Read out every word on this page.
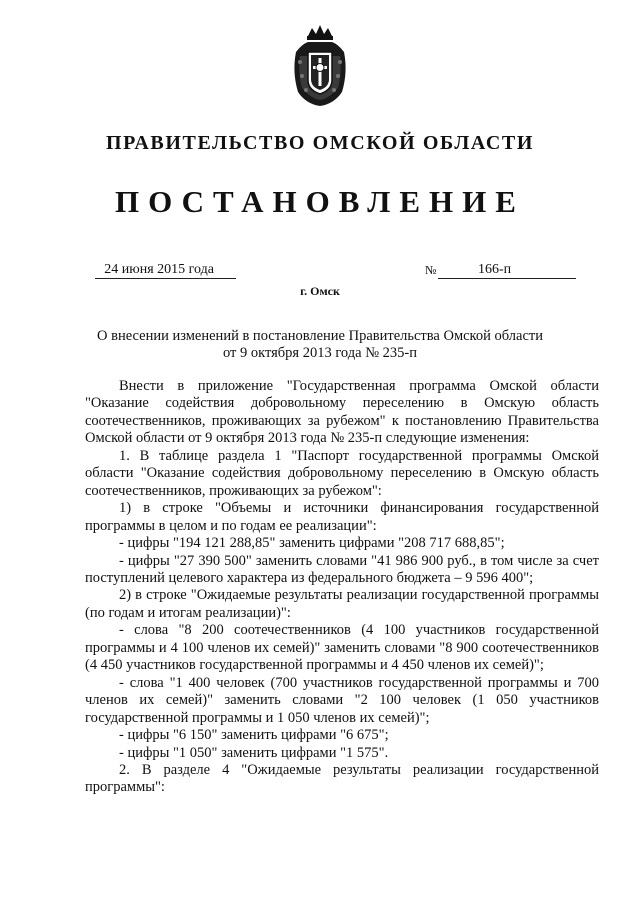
ПРАВИТЕЛЬСТВО ОМСКОЙ ОБЛАСТИ
ПОСТАНОВЛЕНИЕ
24 июня 2015 года	№	166-п
г. Омск
О внесении изменений в постановление Правительства Омской области
от 9 октября 2013 года № 235-п

Внести в приложение "Государственная программа Омской области "Оказание содействия добровольному переселению в Омскую область соотечественников, проживающих за рубежом" к постановлению Правительства Омской области от 9 октября 2013 года № 235-п следующие изменения:

1. В таблице раздела 1 "Паспорт государственной программы Омской области "Оказание содействия добровольному переселению в Омскую область соотечественников, проживающих за рубежом":

1) в строке "Объемы и источники финансирования государственной программы в целом и по годам ее реализации":

- цифры "194 121 288,85" заменить цифрами "208 717 688,85";

- цифры "27 390 500" заменить словами "41 986 900 руб., в том числе за счет поступлений целевого характера из федерального бюджета – 9 596 400";

2) в строке "Ожидаемые результаты реализации государственной программы (по годам и итогам реализации)":

- слова "8 200 соотечественников (4 100 участников государственной программы и 4 100 членов их семей)" заменить словами "8 900 соотечественников (4 450 участников государственной программы и 4 450 членов их семей)";

- слова "1 400 человек (700 участников государственной программы и 700 членов их семей)" заменить словами "2 100 человек (1 050 участников государственной программы и 1 050 членов их семей)";

- цифры "6 150" заменить цифрами "6 675";

- цифры "1 050" заменить цифрами "1 575".

2. В разделе 4 "Ожидаемые результаты реализации государственной программы":
